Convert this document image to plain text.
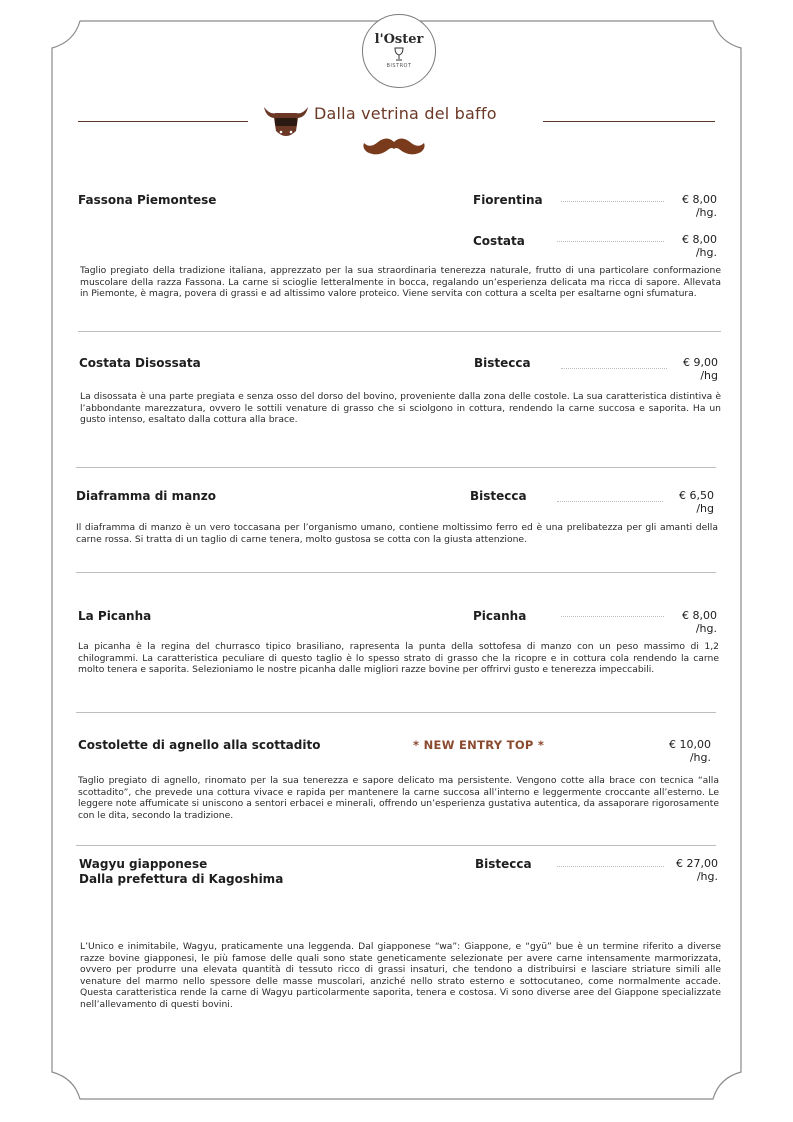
l'Oster
BISTROT
Dalla vetrina del baffo
Fassona Piemontese	Fiorentina	€ 8,00
/hg.
Costata	€ 8,00
/hg.
Taglio pregiato della tradizione italiana, apprezzato per la sua straordinaria tenerezza naturale, frutto di una particolare conformazione muscolare della razza Fassona. La carne si scioglie letteralmente in bocca, regalando un’esperienza delicata ma ricca di sapore. Allevata in Piemonte, è magra, povera di grassi e ad altissimo valore proteico. Viene servita con cottura a scelta per esaltarne ogni sfumatura.
Costata Disossata	Bistecca	€ 9,00
/hg
La disossata è una parte pregiata e senza osso del dorso del bovino, proveniente dalla zona delle costole. La sua caratteristica distintiva è l’abbondante marezzatura, ovvero le sottili venature di grasso che si sciolgono in cottura, rendendo la carne succosa e saporita. Ha un gusto intenso, esaltato dalla cottura alla brace.
Diaframma di manzo	Bistecca	€ 6,50
/hg
Il diaframma di manzo è un vero toccasana per l’organismo umano, contiene moltissimo ferro ed è una prelibatezza per gli amanti della carne rossa. Si tratta di un taglio di carne tenera, molto gustosa se cotta con la giusta attenzione.
La Picanha	Picanha	€ 8,00
/hg.
La picanha è la regina del churrasco tipico brasiliano, rapresenta la punta della sottofesa di manzo con un peso massimo di 1,2 chilogrammi. La caratteristica peculiare di questo taglio è lo spesso strato di grasso che la ricopre e in cottura cola rendendo la carne molto tenera e saporita. Selezioniamo le nostre picanha dalle migliori razze bovine per offrirvi gusto e tenerezza impeccabili.
Costolette di agnello alla scottadito	* NEW ENTRY TOP *	€ 10,00
/hg.
Taglio pregiato di agnello, rinomato per la sua tenerezza e sapore delicato ma persistente. Vengono cotte alla brace con tecnica “alla scottadito”, che prevede una cottura vivace e rapida per mantenere la carne succosa all’interno e leggermente croccante all’esterno. Le leggere note affumicate si uniscono a sentori erbacei e minerali, offrendo un’esperienza gustativa autentica, da assaporare rigorosamente con le dita, secondo la tradizione.
Wagyu giapponese
Dalla prefettura di Kagoshima
Bistecca	€ 27,00
/hg.
L’Unico e inimitabile, Wagyu, praticamente una leggenda. Dal giapponese “wa”: Giappone, e “gyū” bue è un termine riferito a diverse razze bovine giapponesi, le più famose delle quali sono state geneticamente selezionate per avere carne intensamente marmorizzata, ovvero per produrre una elevata quantità di tessuto ricco di grassi insaturi, che tendono a distribuirsi e lasciare striature simili alle venature del marmo nello spessore delle masse muscolari, anziché nello strato esterno e sottocutaneo, come normalmente accade. Questa caratteristica rende la carne di Wagyu particolarmente saporita, tenera e costosa. Vi sono diverse aree del Giappone specializzate nell’allevamento di questi bovini.
